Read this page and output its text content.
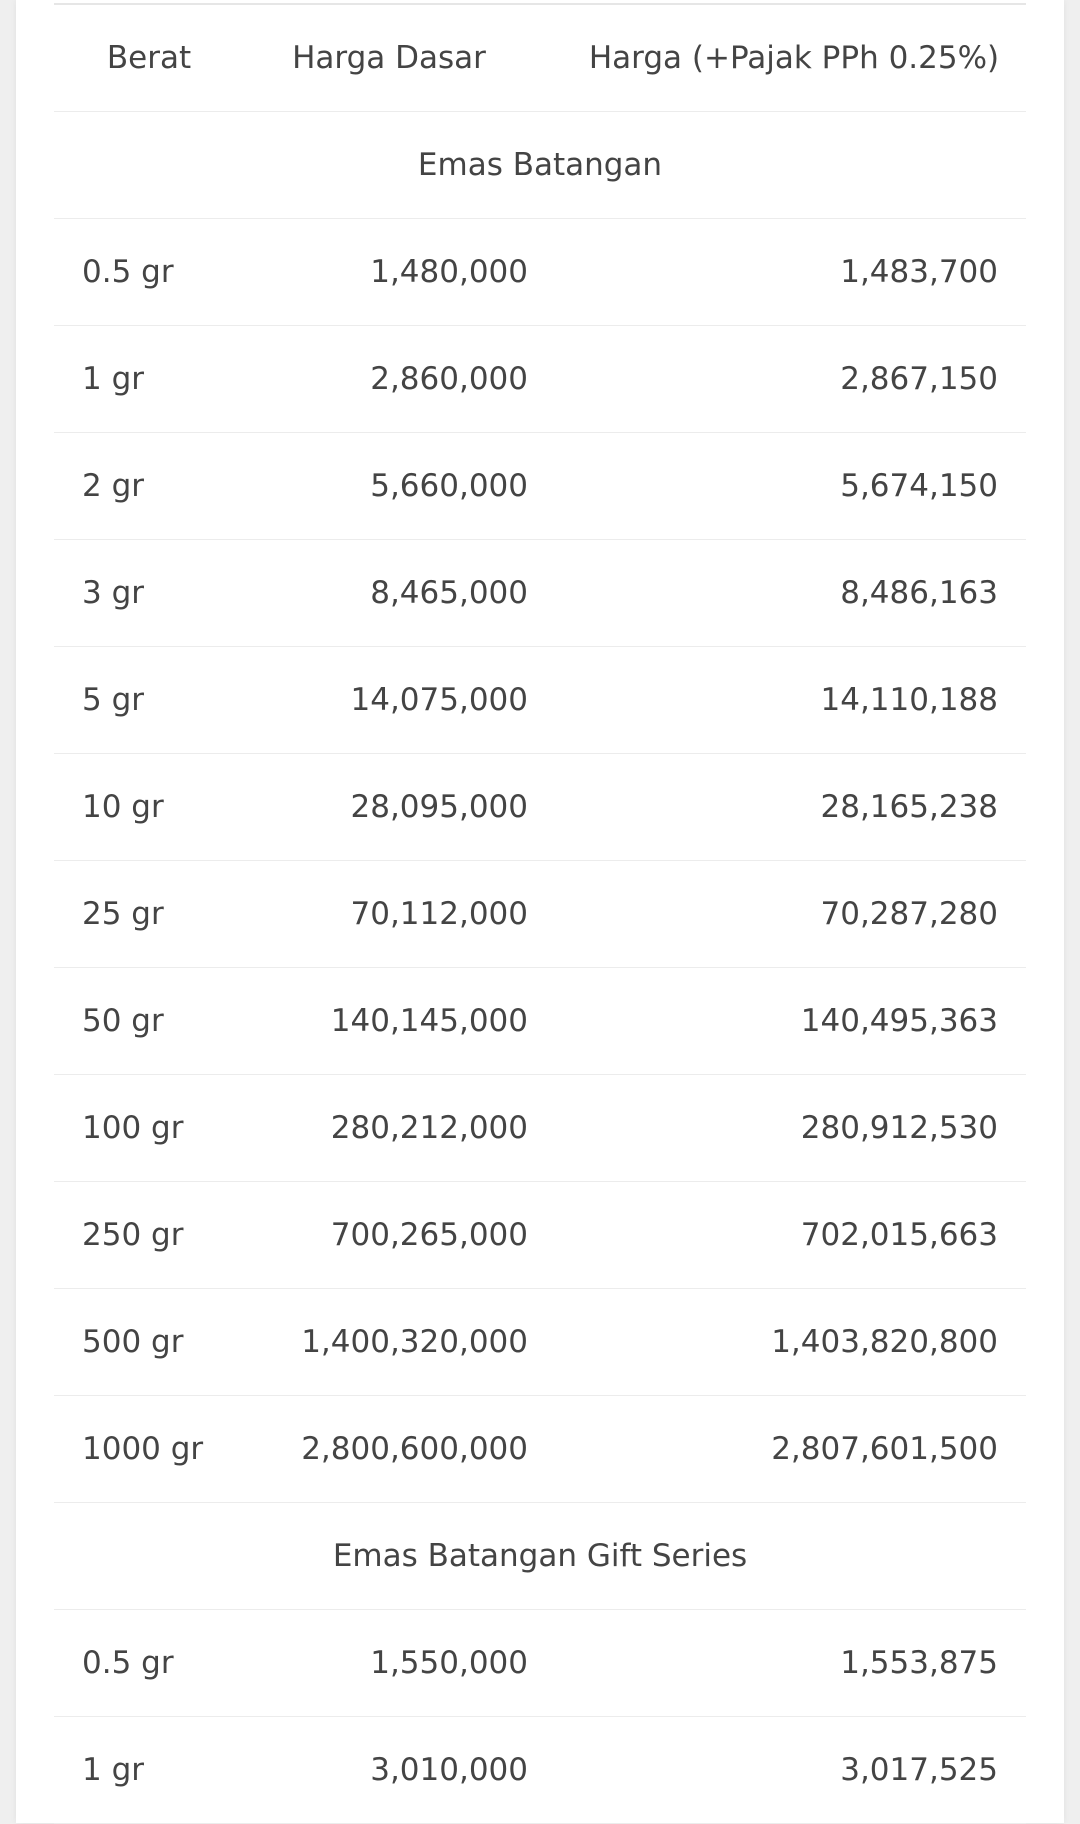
Berat	Harga Dasar	Harga (+Pajak PPh 0.25%)
Emas Batangan
0.5 gr	1,480,000	1,483,700
1 gr	2,860,000	2,867,150
2 gr	5,660,000	5,674,150
3 gr	8,465,000	8,486,163
5 gr	14,075,000	14,110,188
10 gr	28,095,000	28,165,238
25 gr	70,112,000	70,287,280
50 gr	140,145,000	140,495,363
100 gr	280,212,000	280,912,530
250 gr	700,265,000	702,015,663
500 gr	1,400,320,000	1,403,820,800
1000 gr	2,800,600,000	2,807,601,500
Emas Batangan Gift Series
0.5 gr	1,550,000	1,553,875
1 gr	3,010,000	3,017,525
